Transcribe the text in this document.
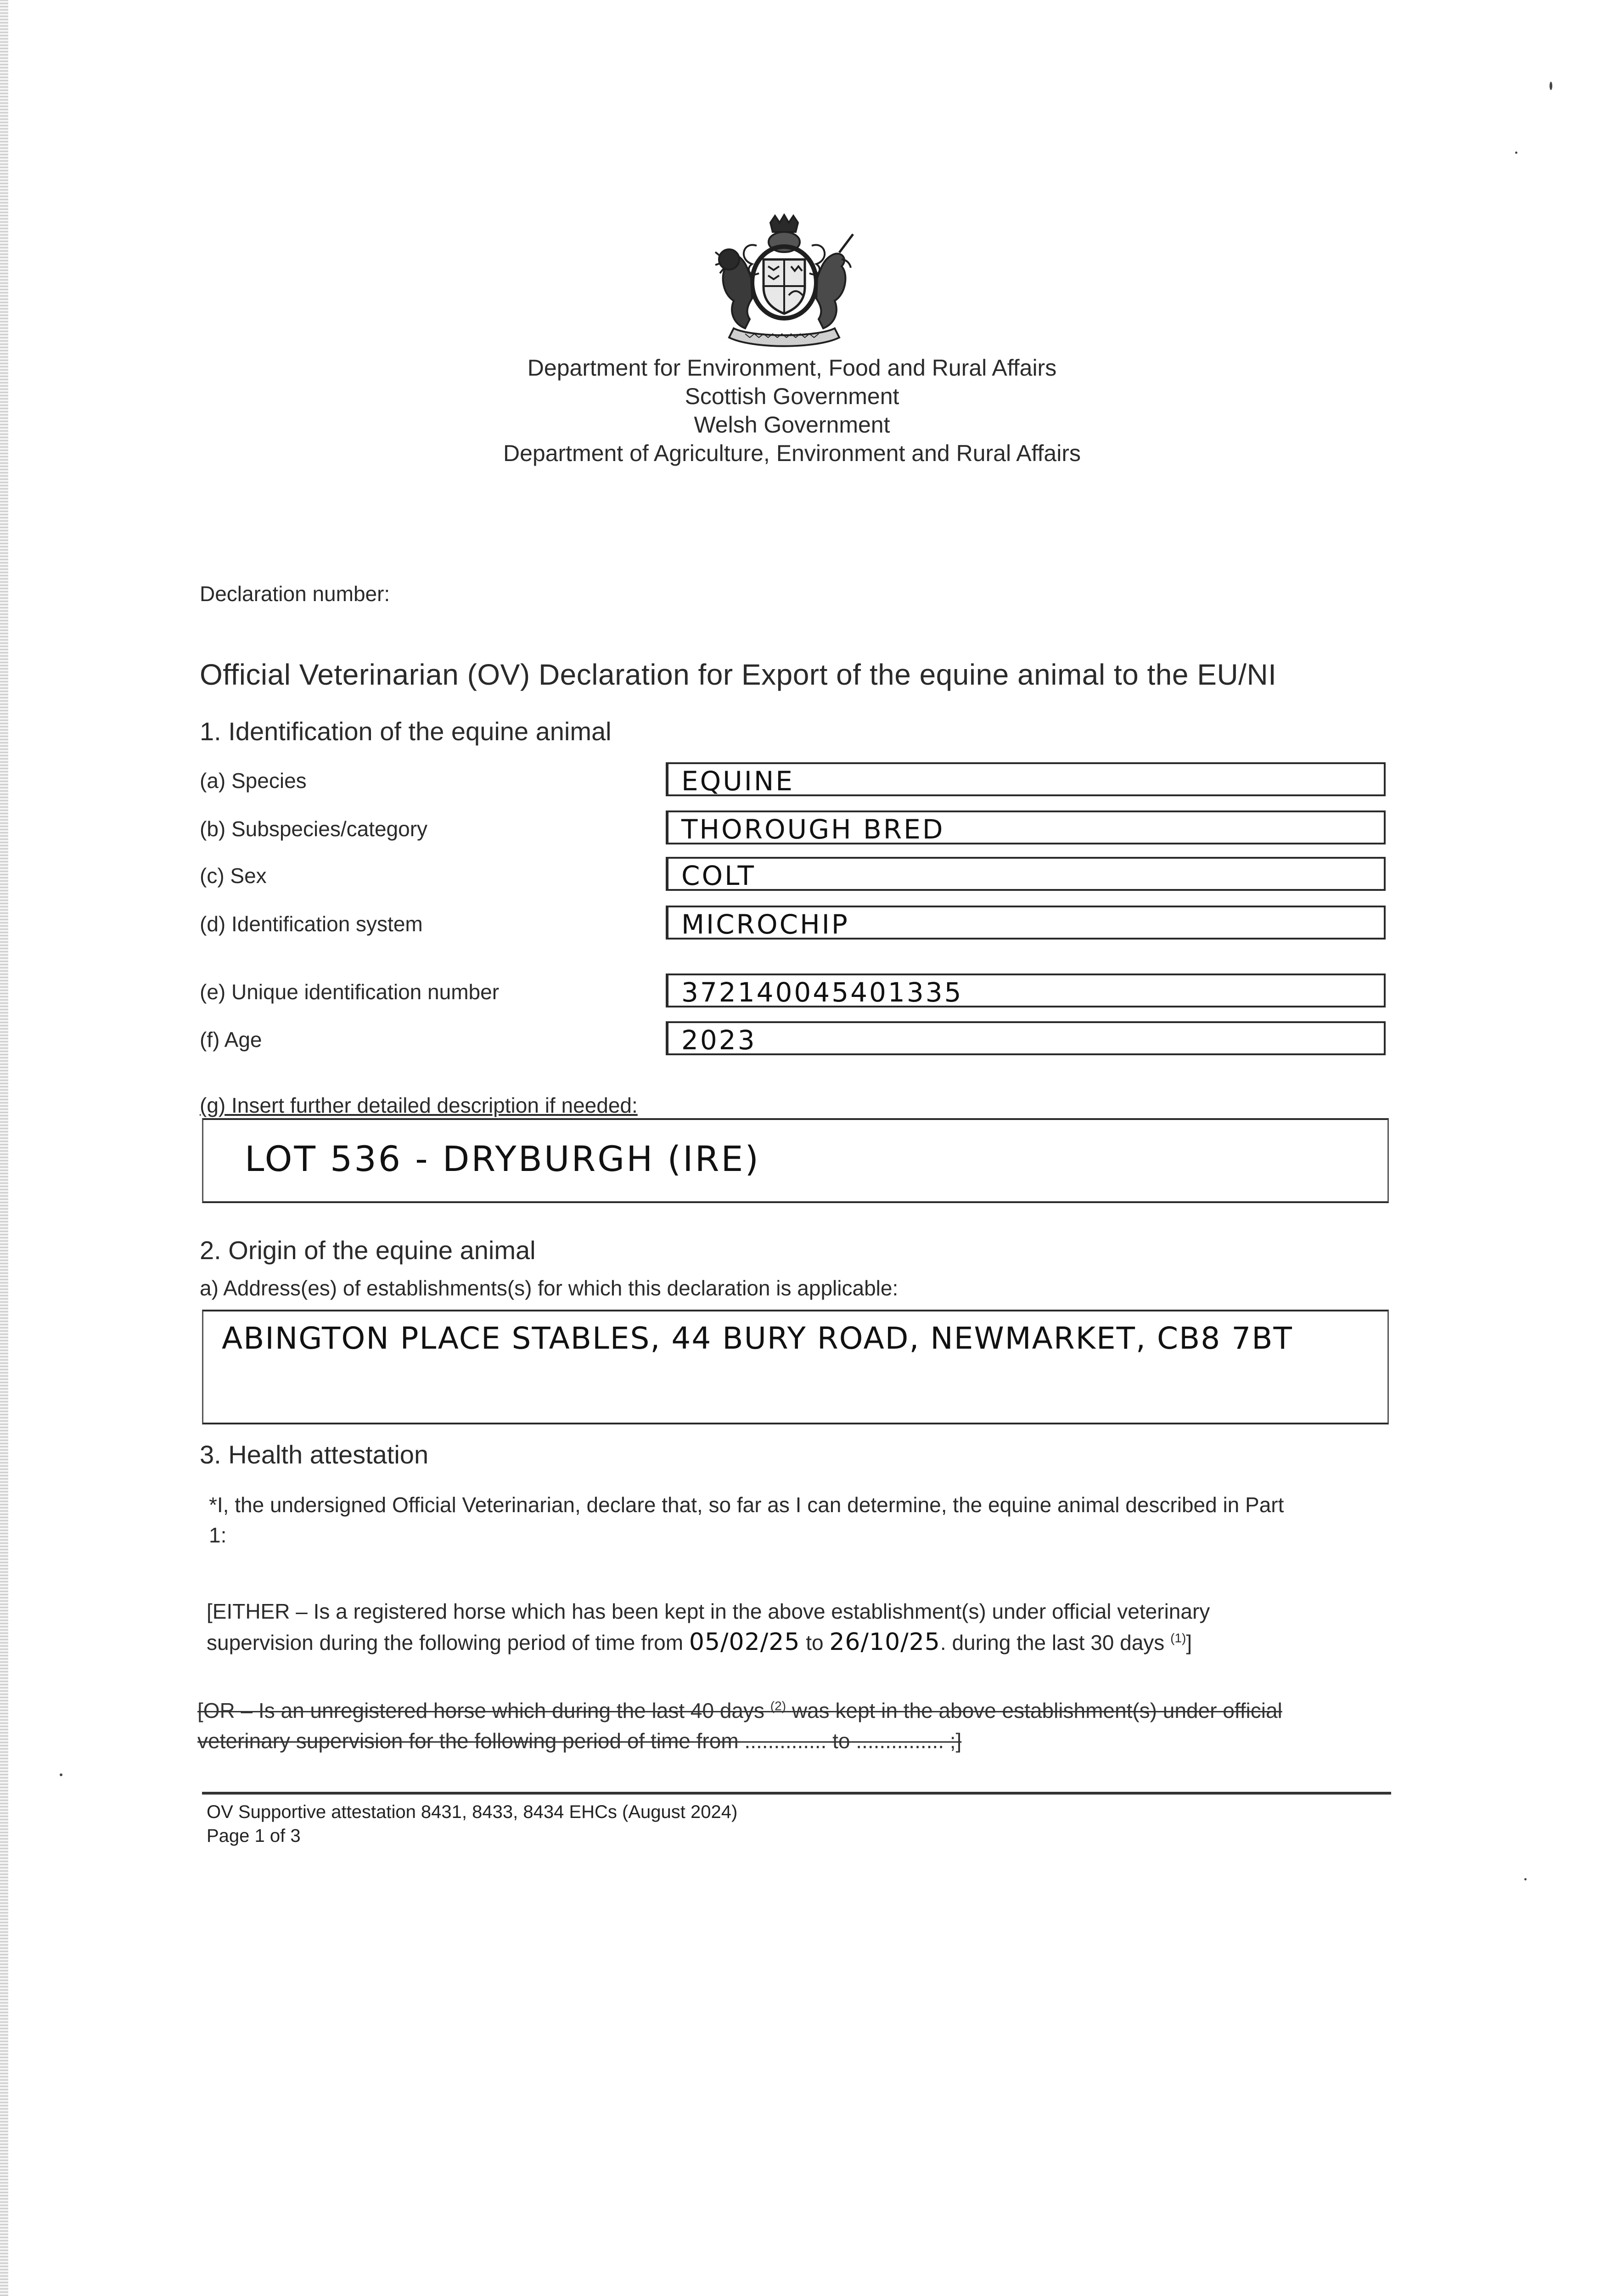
Department for Environment, Food and Rural Affairs
Scottish Government
Welsh Government
Department of Agriculture, Environment and Rural Affairs
Declaration number:
Official Veterinarian (OV) Declaration for Export of the equine animal to the EU/NI
1. Identification of the equine animal
(a) Species	EQUINE
(b) Subspecies/category	THOROUGH BRED
(c) Sex	COLT
(d) Identification system	MICROCHIP
(e) Unique identification number	372140045401335
(f) Age	2023
(g) Insert further detailed description if needed:
LOT 536 - DRYBURGH (IRE)
2. Origin of the equine animal
a) Address(es) of establishments(s) for which this declaration is applicable:
ABINGTON PLACE STABLES, 44 BURY ROAD, NEWMARKET, CB8 7BT
3. Health attestation
*I, the undersigned Official Veterinarian, declare that, so far as I can determine, the equine animal described in Part
1:
[EITHER – Is a registered horse which has been kept in the above establishment(s) under official veterinary
supervision during the following period of time from 05/02/25 to 26/10/25. during the last 30 days $^{(1)}$]
[OR – Is an unregistered horse which during the last 40 days $^{(2)}$ was kept in the above establishment(s) under official
veterinary supervision for the following period of time from .............. to ............... ;]
OV Supportive attestation 8431, 8433, 8434 EHCs (August 2024)
Page 1 of 3
